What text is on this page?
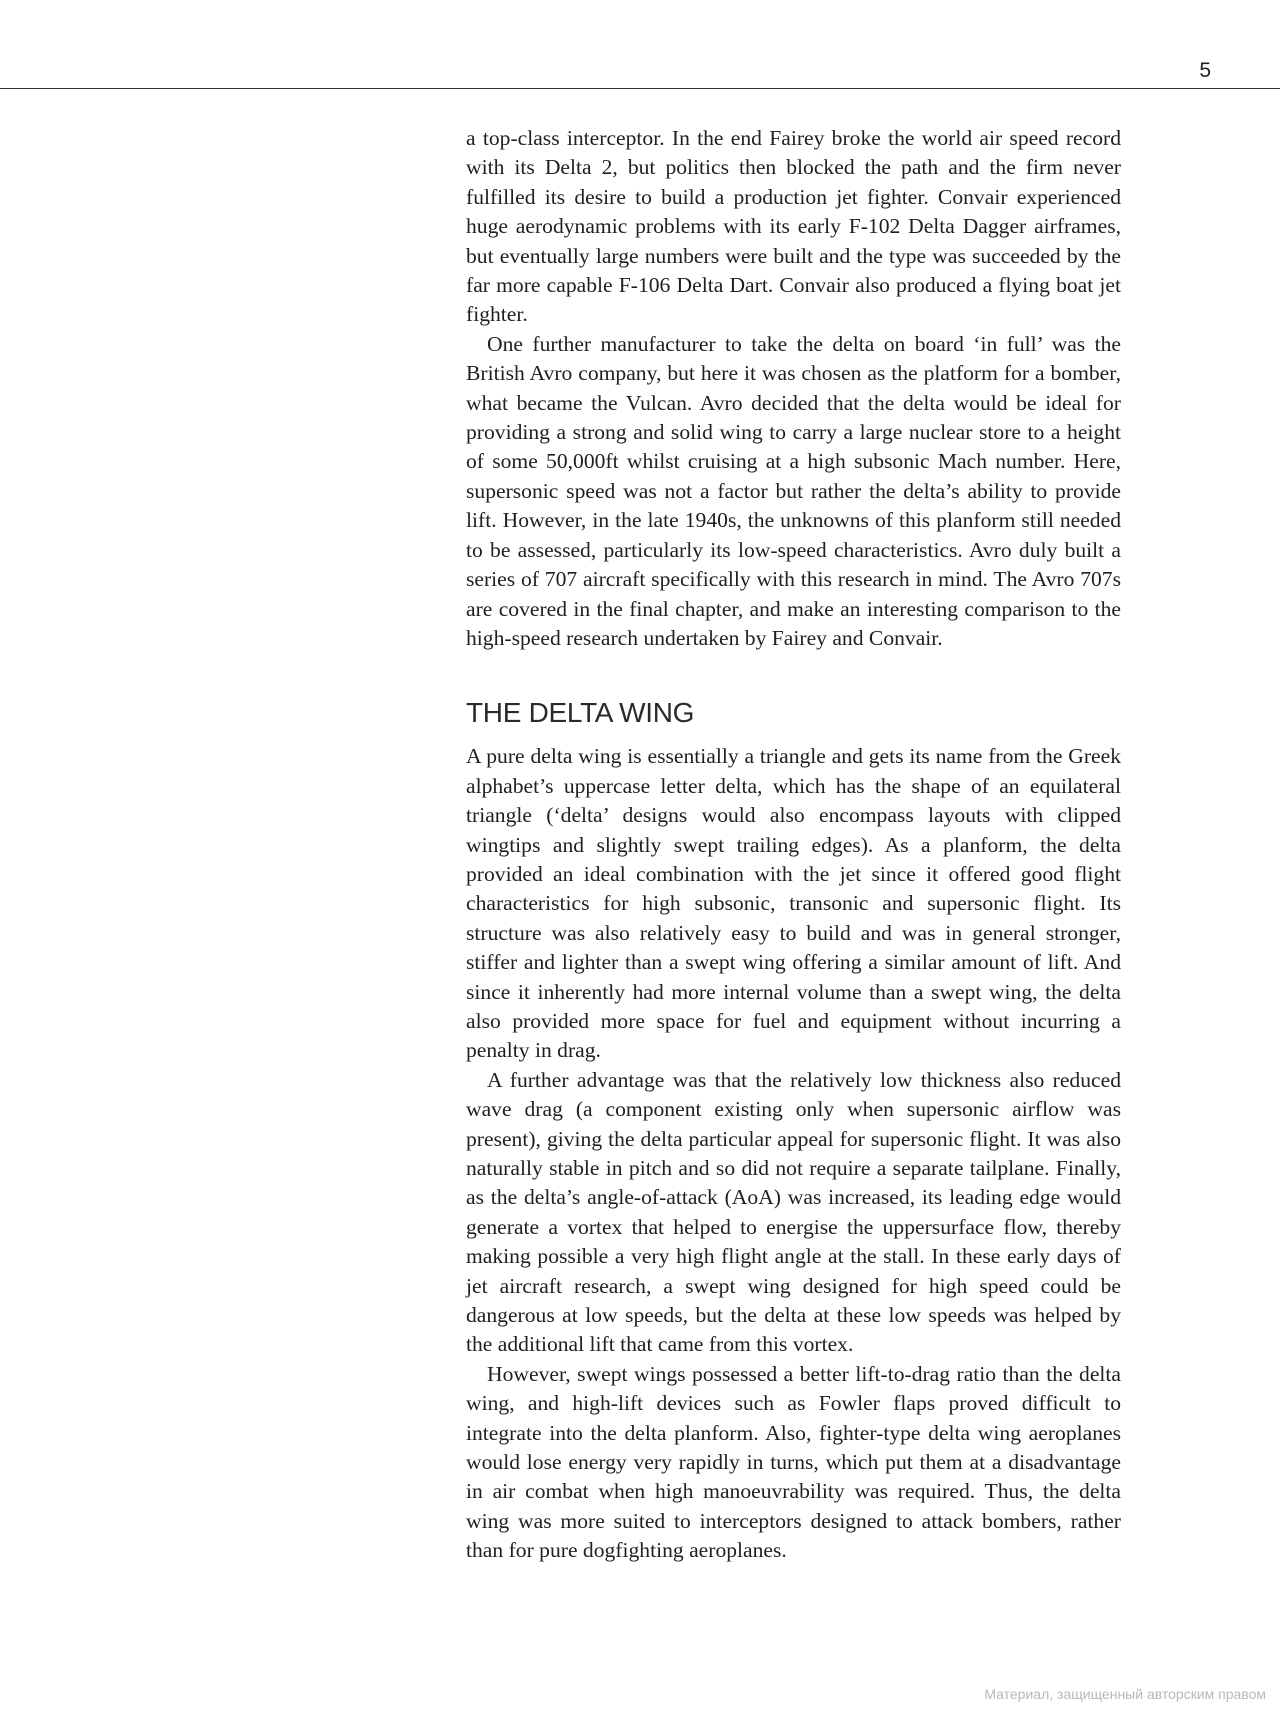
5

a top-class interceptor. In the end Fairey broke the world air speed record with its Delta 2, but politics then blocked the path and the firm never fulfilled its desire to build a production jet fighter. Convair experienced huge aerodynamic problems with its early F-102 Delta Dagger airframes, but eventually large numbers were built and the type was succeeded by the far more capable F-106 Delta Dart. Convair also produced a flying boat jet fighter.

One further manufacturer to take the delta on board ‘in full’ was the British Avro company, but here it was chosen as the platform for a bomber, what became the Vulcan. Avro decided that the delta would be ideal for providing a strong and solid wing to carry a large nuclear store to a height of some 50,000ft whilst cruising at a high subsonic Mach number. Here, supersonic speed was not a factor but rather the delta’s ability to provide lift. However, in the late 1940s, the unknowns of this planform still needed to be assessed, particularly its low-speed characteristics. Avro duly built a series of 707 aircraft specifically with this research in mind. The Avro 707s are covered in the final chapter, and make an interesting comparison to the high-speed research undertaken by Fairey and Convair.

THE DELTA WING

A pure delta wing is essentially a triangle and gets its name from the Greek alphabet’s uppercase letter delta, which has the shape of an equilateral triangle (‘delta’ designs would also encompass layouts with clipped wingtips and slightly swept trailing edges). As a planform, the delta provided an ideal combination with the jet since it offered good flight characteristics for high subsonic, transonic and supersonic flight. Its structure was also relatively easy to build and was in general stronger, stiffer and lighter than a swept wing offering a similar amount of lift. And since it inherently had more internal volume than a swept wing, the delta also provided more space for fuel and equipment without incurring a penalty in drag.

A further advantage was that the relatively low thickness also reduced wave drag (a component existing only when supersonic airflow was present), giving the delta particular appeal for supersonic flight. It was also naturally stable in pitch and so did not require a separate tailplane. Finally, as the delta’s angle-of-attack (AoA) was increased, its leading edge would generate a vortex that helped to energise the uppersurface flow, thereby making possible a very high flight angle at the stall. In these early days of jet aircraft research, a swept wing designed for high speed could be dangerous at low speeds, but the delta at these low speeds was helped by the additional lift that came from this vortex.

However, swept wings possessed a better lift-to-drag ratio than the delta wing, and high-lift devices such as Fowler flaps proved difficult to integrate into the delta planform. Also, fighter-type delta wing aeroplanes would lose energy very rapidly in turns, which put them at a disadvantage in air combat when high manoeuvrability was required. Thus, the delta wing was more suited to interceptors designed to attack bombers, rather than for pure dogfighting aeroplanes.

Материал, защищенный авторским правом
